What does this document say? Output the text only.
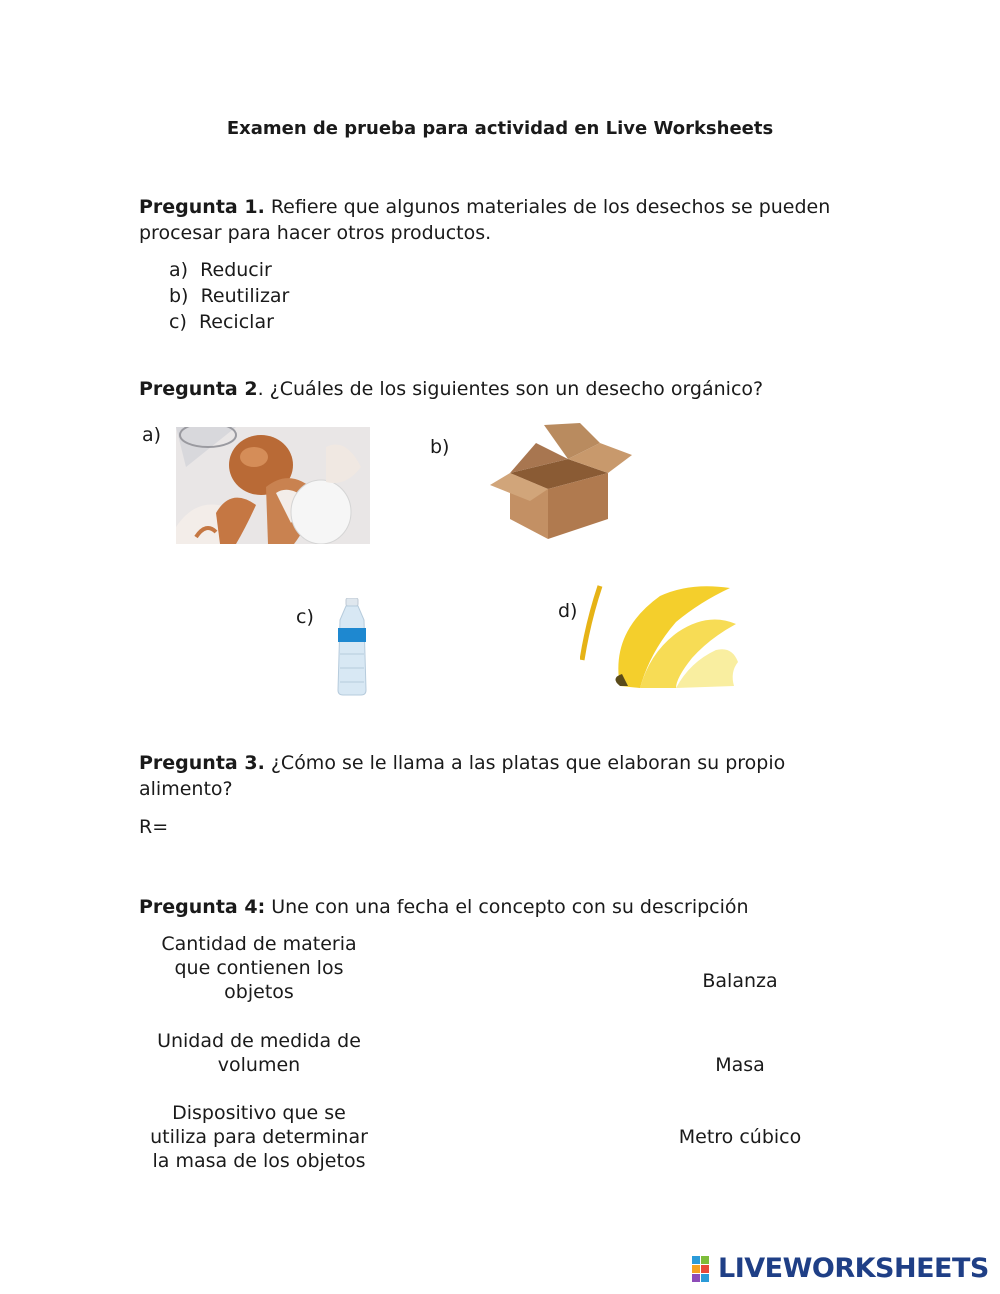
Examen de prueba para actividad en Live Worksheets
Pregunta 1. Refiere que algunos materiales de los desechos se pueden procesar para hacer otros productos.
a) Reducir
b) Reutilizar
c) Reciclar
Pregunta 2. ¿Cuáles de los siguientes son un desecho orgánico?
a)
b)
c)	d)
Pregunta 3. ¿Cómo se le llama a las platas que elaboran su propio alimento?
R=
Pregunta 4: Une con una fecha el concepto con su descripción
Cantidad de materia que contienen los objetos
Unidad de medida de volumen
Dispositivo que se utiliza para determinar la masa de los objetos
Balanza
Masa
Metro cúbico
LIVEWORKSHEETS
